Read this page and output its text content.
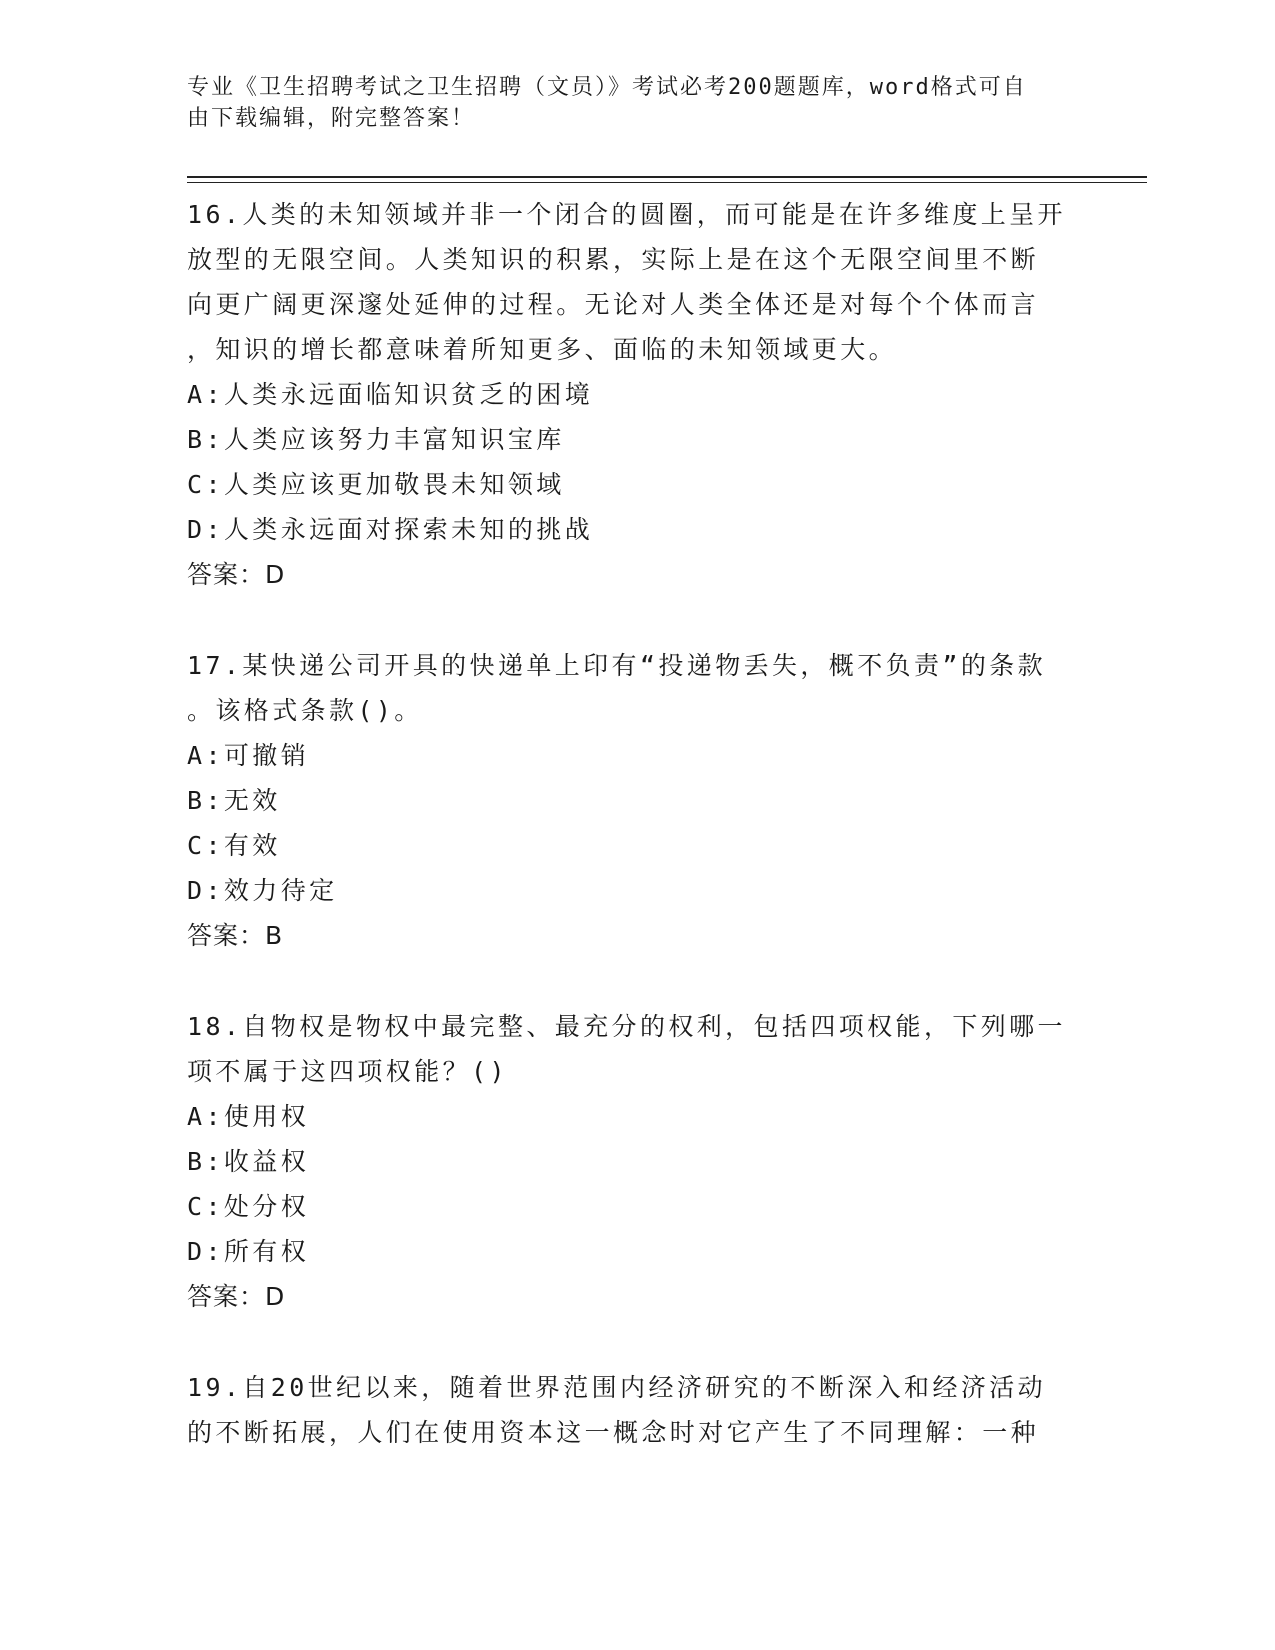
专业《卫生招聘考试之卫生招聘（文员）》考试必考200题题库，word格式可自
由下载编辑，附完整答案！
16.人类的未知领域并非一个闭合的圆圈，而可能是在许多维度上呈开
放型的无限空间。人类知识的积累，实际上是在这个无限空间里不断
向更广阔更深邃处延伸的过程。无论对人类全体还是对每个个体而言
，知识的增长都意味着所知更多、面临的未知领域更大。
A:人类永远面临知识贫乏的困境
B:人类应该努力丰富知识宝库
C:人类应该更加敬畏未知领域
D:人类永远面对探索未知的挑战
答案：D
17.某快递公司开具的快递单上印有“投递物丢失，概不负责”的条款
。该格式条款()。
A:可撤销
B:无效
C:有效
D:效力待定
答案：B
18.自物权是物权中最完整、最充分的权利，包括四项权能，下列哪一
项不属于这四项权能？()
A:使用权
B:收益权
C:处分权
D:所有权
答案：D
19.自20世纪以来，随着世界范围内经济研究的不断深入和经济活动
的不断拓展，人们在使用资本这一概念时对它产生了不同理解：一种
